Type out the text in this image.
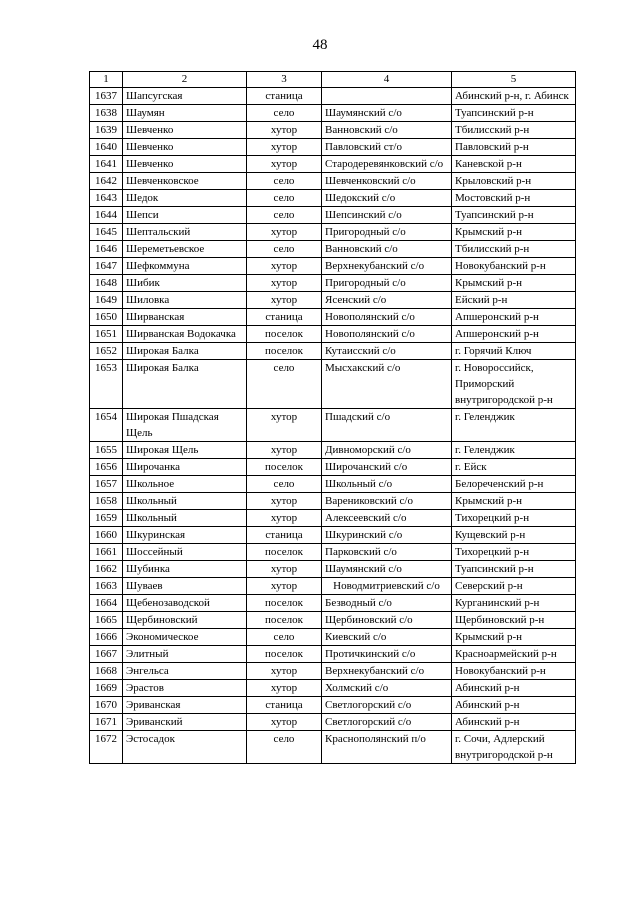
48
1	2	3	4	5
1637	Шапсугская	станица		Абинский р-н, г. Абинск
1638	Шаумян	село	Шаумянский с/о	Туапсинский р-н
1639	Шевченко	хутор	Ванновский с/о	Тбилисский р-н
1640	Шевченко	хутор	Павловский ст/о	Павловский р-н
1641	Шевченко	хутор	Стародеревянковский с/о	Каневской р-н
1642	Шевченковское	село	Шевченковский с/о	Крыловский р-н
1643	Шедок	село	Шедокский с/о	Мостовский р-н
1644	Шепси	село	Шепсинский с/о	Туапсинский р-н
1645	Шептальский	хутор	Пригородный с/о	Крымский р-н
1646	Шереметьевское	село	Ванновский с/о	Тбилисский р-н
1647	Шефкоммуна	хутор	Верхнекубанский с/о	Новокубанский р-н
1648	Шибик	хутор	Пригородный с/о	Крымский р-н
1649	Шиловка	хутор	Ясенский с/о	Ейский р-н
1650	Ширванская	станица	Новополянский с/о	Апшеронский р-н
1651	Ширванская Водокачка	поселок	Новополянский с/о	Апшеронский р-н
1652	Широкая Балка	поселок	Кутаисский с/о	г. Горячий Ключ
1653	Широкая Балка	село	Мысхакский с/о	г. Новороссийск, Приморский внутригородской р-н
1654	Широкая Пшадская Щель	хутор	Пшадский с/о	г. Геленджик
1655	Широкая Щель	хутор	Дивноморский с/о	г. Геленджик
1656	Широчанка	поселок	Широчанский с/о	г. Ейск
1657	Школьное	село	Школьный с/о	Белореченский р-н
1658	Школьный	хутор	Варениковский с/о	Крымский р-н
1659	Школьный	хутор	Алексеевский с/о	Тихорецкий р-н
1660	Шкуринская	станица	Шкуринский с/о	Кущевский р-н
1661	Шоссейный	поселок	Парковский с/о	Тихорецкий р-н
1662	Шубинка	хутор	Шаумянский с/о	Туапсинский р-н
1663	Шуваев	хутор	Новодмитриевский с/о	Северский р-н
1664	Щебенозаводской	поселок	Безводный с/о	Курганинский р-н
1665	Щербиновский	поселок	Щербиновский с/о	Щербиновский р-н
1666	Экономическое	село	Киевский с/о	Крымский р-н
1667	Элитный	поселок	Протичкинский с/о	Красноармейский р-н
1668	Энгельса	хутор	Верхнекубанский с/о	Новокубанский р-н
1669	Эрастов	хутор	Холмский с/о	Абинский р-н
1670	Эриванская	станица	Светлогорский с/о	Абинский р-н
1671	Эриванский	хутор	Светлогорский с/о	Абинский р-н
1672	Эстосадок	село	Краснополянский п/о	г. Сочи, Адлерский внутригородской р-н
